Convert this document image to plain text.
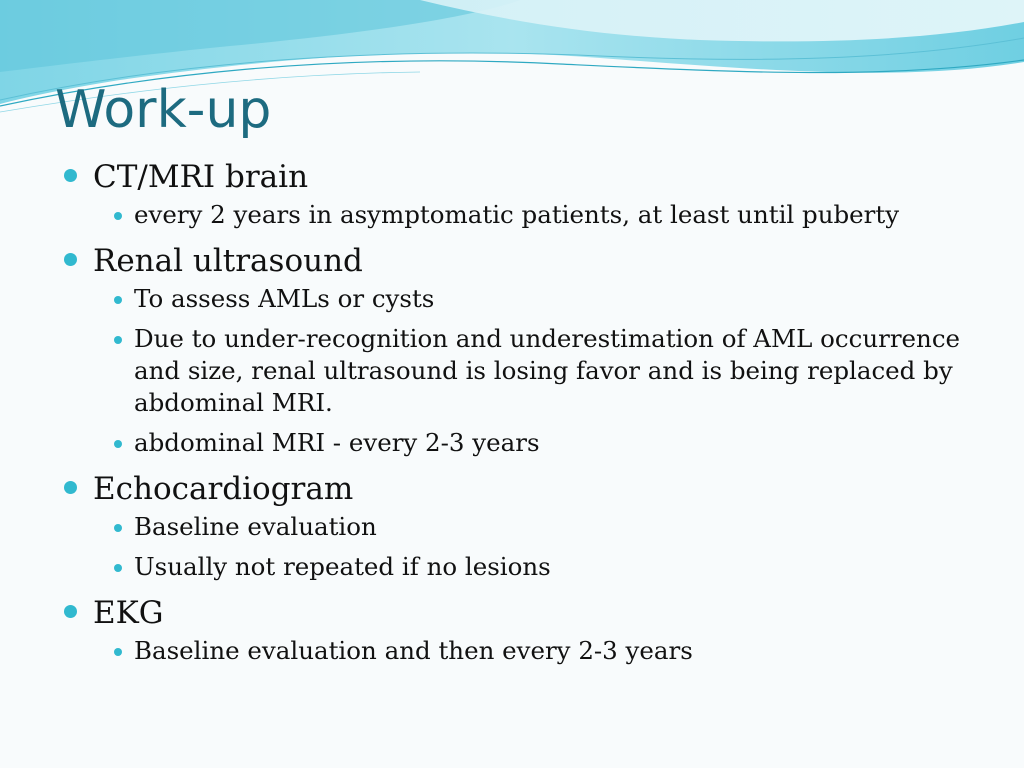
Work-up
CT/MRI brain
every 2 years in asymptomatic patients, at least until puberty
Renal ultrasound
To assess AMLs or cysts
Due to under-recognition and underestimation of AML occurrence and size, renal ultrasound is losing favor and is being replaced by abdominal MRI.
abdominal MRI - every 2-3 years
Echocardiogram
Baseline evaluation
Usually not repeated if no lesions
EKG
Baseline evaluation and then every 2-3 years
